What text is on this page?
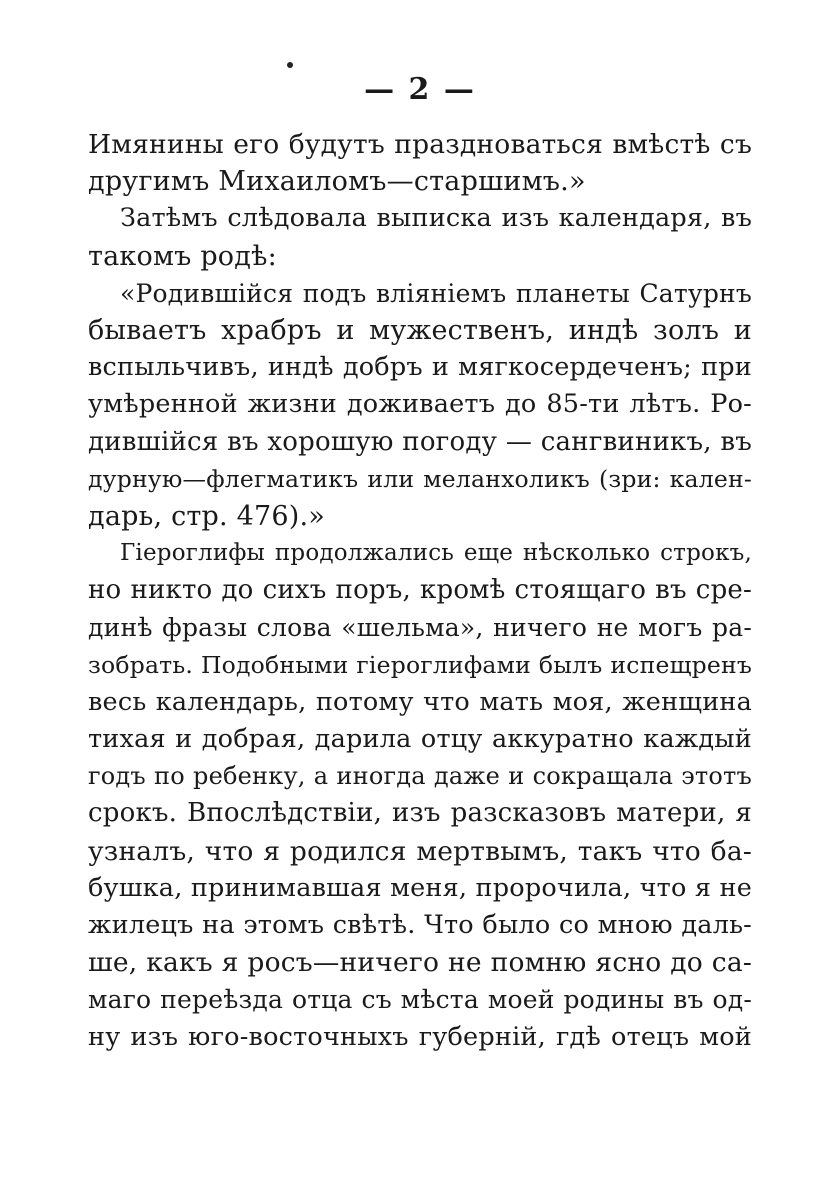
— 2 —
Имянины его будутъ праздноваться вмѣстѣ съ
другимъ Михаиломъ—старшимъ.»
Затѣмъ слѣдовала выписка изъ календаря, въ
такомъ родѣ:
«Родившійся подъ вліяніемъ планеты Сатурнъ
бываетъ храбръ и мужественъ, индѣ золъ и
вспыльчивъ, индѣ добръ и мягкосердеченъ; при
умѣренной жизни доживаетъ до 85-ти лѣтъ. Ро-
дившійся въ хорошую погоду — сангвиникъ, въ
дурную—флегматикъ или меланхоликъ (зри: кален-
дарь, стр. 476).»
Гіероглифы продолжались еще нѣсколько строкъ,
но никто до сихъ поръ, кромѣ стоящаго въ сре-
динѣ фразы слова «шельма», ничего не могъ ра-
зобрать. Подобными гіероглифами былъ испещренъ
весь календарь, потому что мать моя, женщина
тихая и добрая, дарила отцу аккуратно каждый
годъ по ребенку, а иногда даже и сокращала этотъ
срокъ. Впослѣдствіи, изъ разсказовъ матери, я
узналъ, что я родился мертвымъ, такъ что ба-
бушка, принимавшая меня, пророчила, что я не
жилецъ на этомъ свѣтѣ. Что было со мною даль-
ше, какъ я росъ—ничего не помню ясно до са-
маго переѣзда отца съ мѣста моей родины въ од-
ну изъ юго-восточныхъ губерній, гдѣ отецъ мой
